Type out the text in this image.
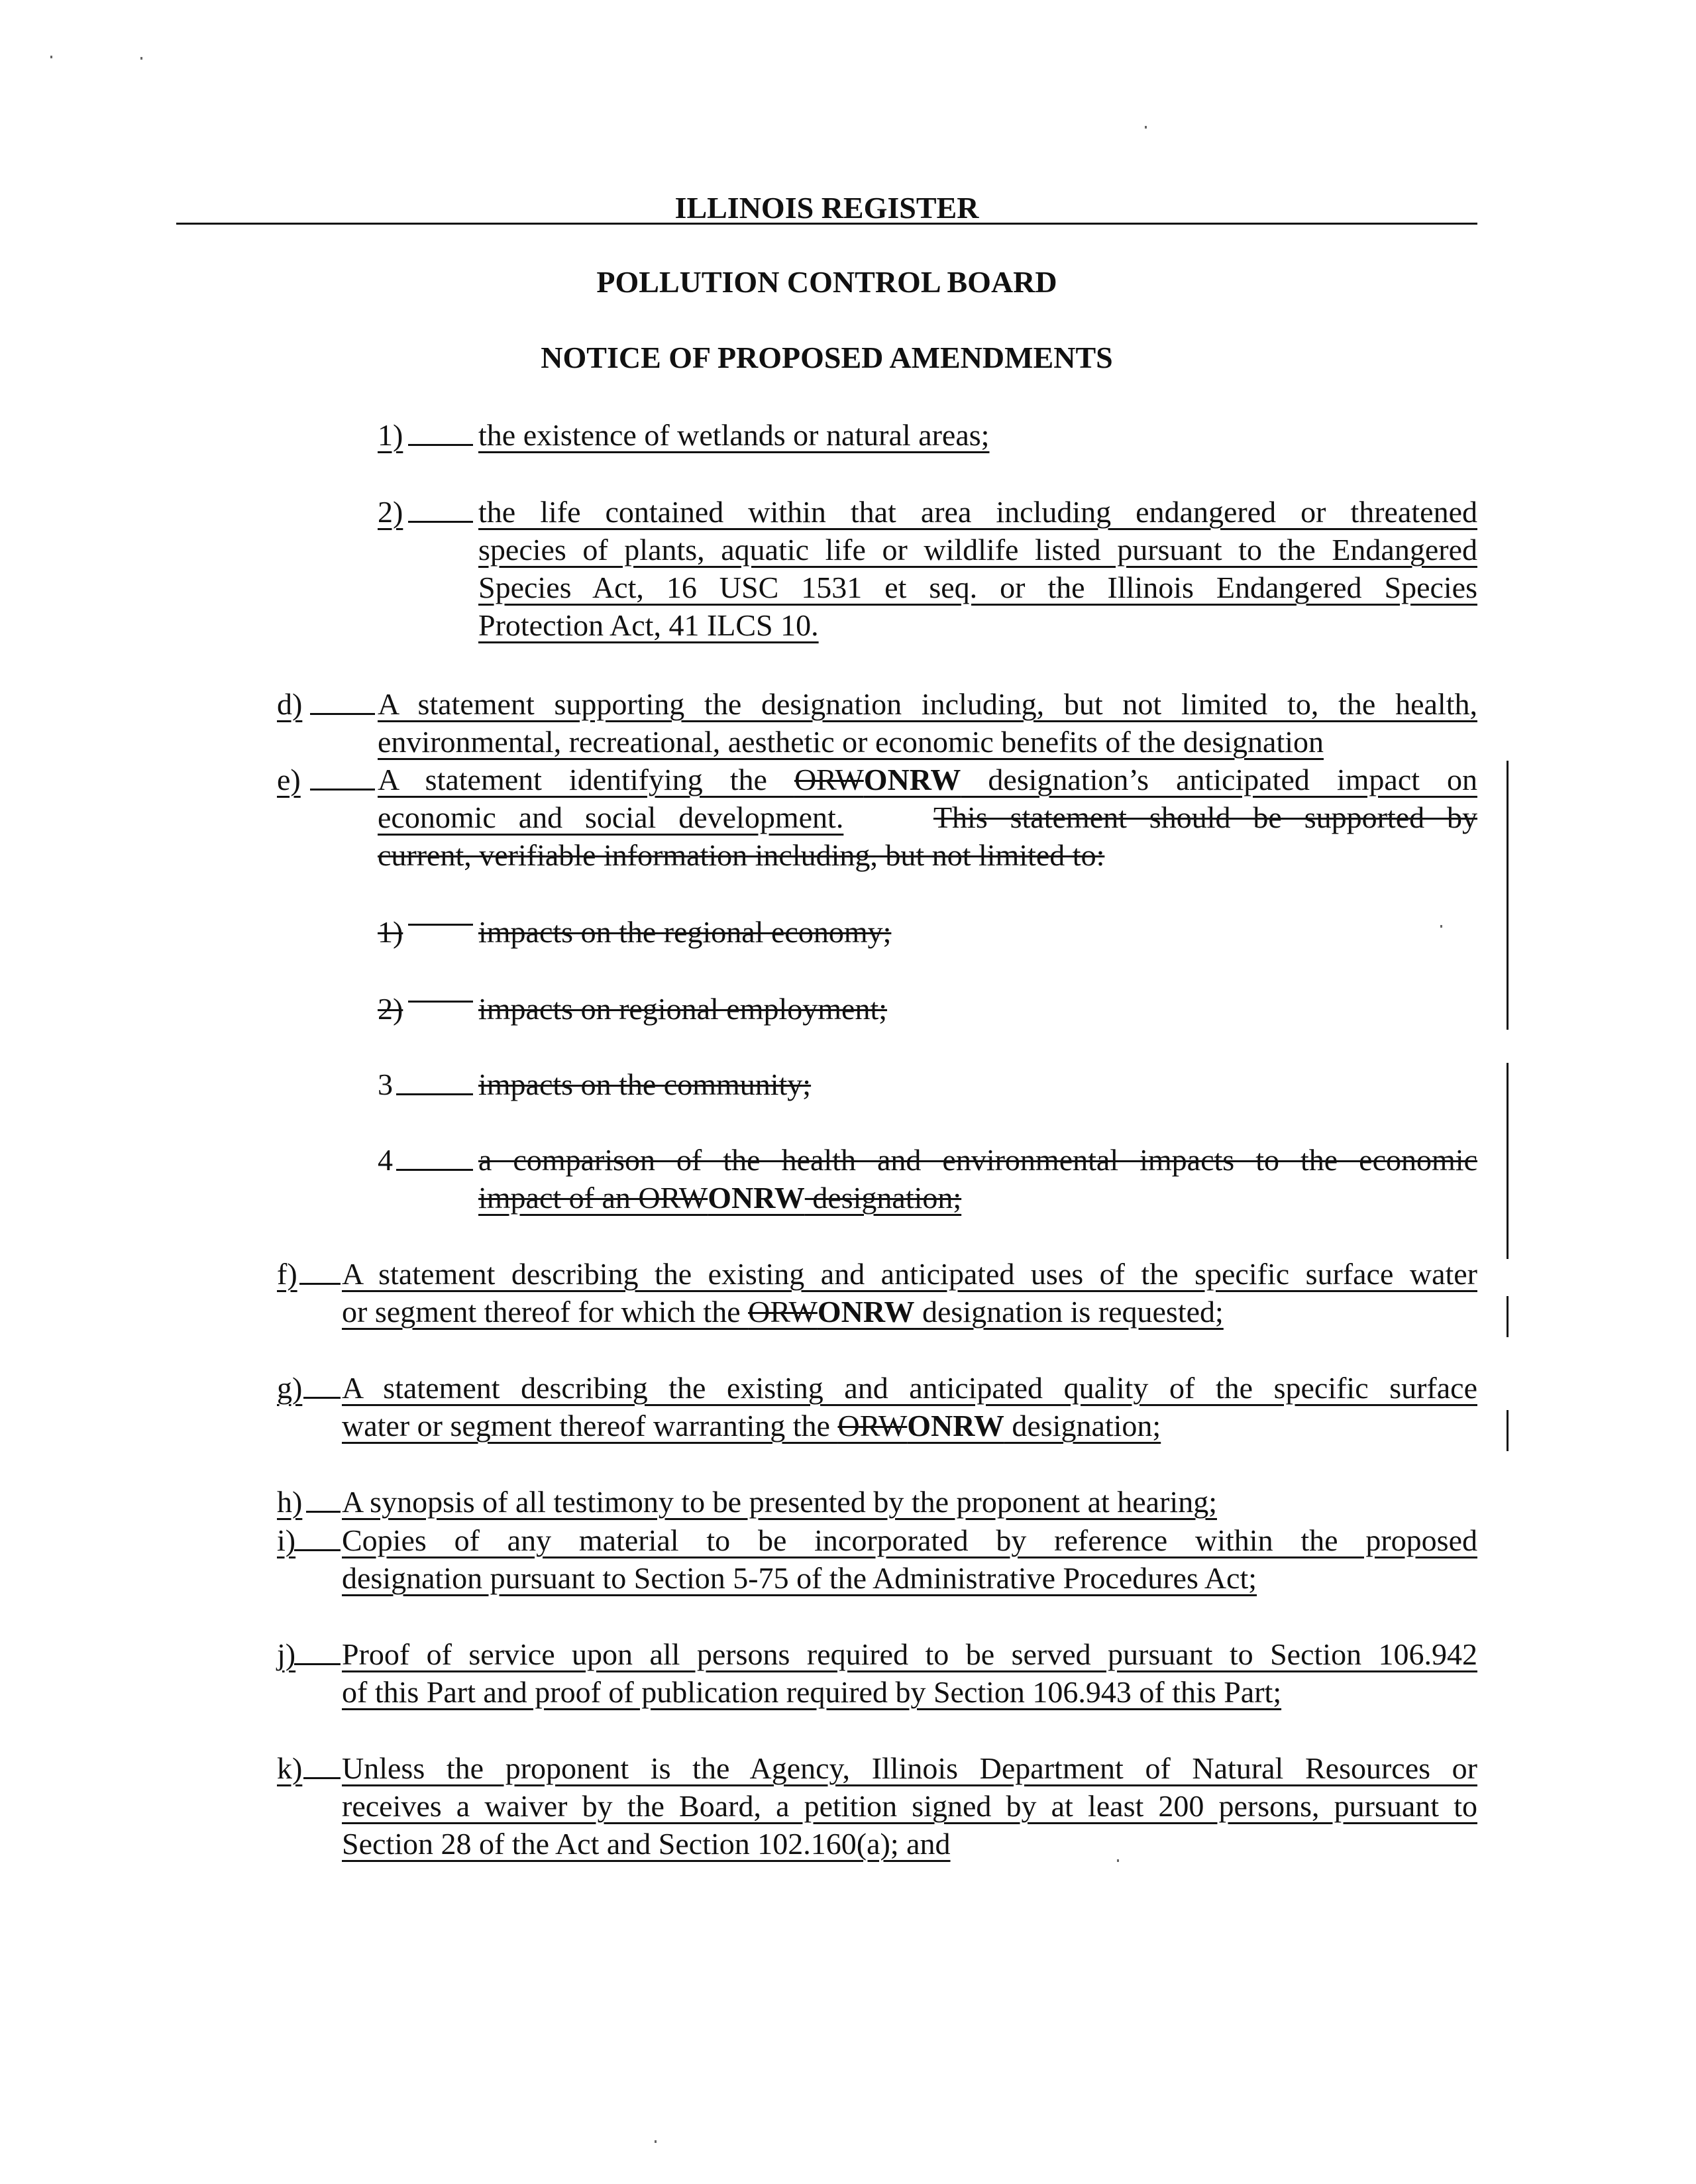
ILLINOIS REGISTER
POLLUTION CONTROL BOARD
NOTICE OF PROPOSED AMENDMENTS
1) the existence of wetlands or natural areas;
2) the life contained within that area including endangered or threatened
species of plants, aquatic life or wildlife listed pursuant to the Endangered
Species Act, 16 USC 1531 et seq. or the Illinois Endangered Species
Protection Act, 41 ILCS 10.
d) A statement supporting the designation including, but not limited to, the health,
environmental, recreational, aesthetic or economic benefits of the designation
e)	A statement identifying the ORWONRW designation’s anticipated impact on
economic and social development.	This statement should be supported by
current, verifiable information including, but not limited to:
1) impacts on the regional economy;
2) impacts on regional employment;
3	impacts on the community;
4	a comparison of the health and environmental impacts to the economic
impact of an ORWONRW designation;
f) A statement describing the existing and anticipated uses of the specific surface water
or segment thereof for which the ORWONRW designation is requested;
g) A statement describing the existing and anticipated quality of the specific surface
water or segment thereof warranting the ORWONRW designation;
h) A synopsis of all testimony to be presented by the proponent at hearing;
i) Copies of any material to be incorporated by reference within the proposed
designation pursuant to Section 5-75 of the Administrative Procedures Act;
j) Proof of service upon all persons required to be served pursuant to Section 106.942
of this Part and proof of publication required by Section 106.943 of this Part;
k) Unless the proponent is the Agency, Illinois Department of Natural Resources or
receives a waiver by the Board, a petition signed by at least 200 persons, pursuant to
Section 28 of the Act and Section 102.160(a); and
